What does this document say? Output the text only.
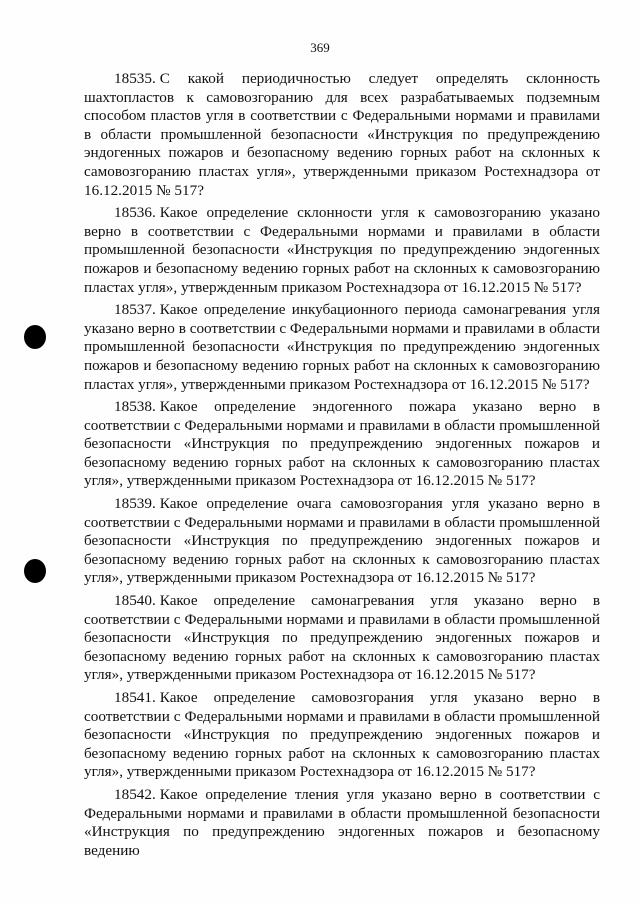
369

18535. С какой периодичностью следует определять склонность шахтопластов к самовозгоранию для всех разрабатываемых подземным способом пластов угля в соответствии с Федеральными нормами и правилами в области промышленной безопасности «Инструкция по предупреждению эндогенных пожаров и безопасному ведению горных работ на склонных к самовозгоранию пластах угля», утвержденными приказом Ростехнадзора от 16.12.2015 № 517?

18536. Какое определение склонности угля к самовозгоранию указано верно в соответствии с Федеральными нормами и правилами в области промышленной безопасности «Инструкция по предупреждению эндогенных пожаров и безопасному ведению горных работ на склонных к самовозгоранию пластах угля», утвержденным приказом Ростехнадзора от 16.12.2015 № 517?

18537. Какое определение инкубационного периода самонагревания угля указано верно в соответствии с Федеральными нормами и правилами в области промышленной безопасности «Инструкция по предупреждению эндогенных пожаров и безопасному ведению горных работ на склонных к самовозгоранию пластах угля», утвержденными приказом Ростехнадзора от 16.12.2015 № 517?

18538. Какое определение эндогенного пожара указано верно в соответствии с Федеральными нормами и правилами в области промышленной безопасности «Инструкция по предупреждению эндогенных пожаров и безопасному ведению горных работ на склонных к самовозгоранию пластах угля», утвержденными приказом Ростехнадзора от 16.12.2015 № 517?

18539. Какое определение очага самовозгорания угля указано верно в соответствии с Федеральными нормами и правилами в области промышленной безопасности «Инструкция по предупреждению эндогенных пожаров и безопасному ведению горных работ на склонных к самовозгоранию пластах угля», утвержденными приказом Ростехнадзора от 16.12.2015 № 517?

18540. Какое определение самонагревания угля указано верно в соответствии с Федеральными нормами и правилами в области промышленной безопасности «Инструкция по предупреждению эндогенных пожаров и безопасному ведению горных работ на склонных к самовозгоранию пластах угля», утвержденными приказом Ростехнадзора от 16.12.2015 № 517?

18541. Какое определение самовозгорания угля указано верно в соответствии с Федеральными нормами и правилами в области промышленной безопасности «Инструкция по предупреждению эндогенных пожаров и безопасному ведению горных работ на склонных к самовозгоранию пластах угля», утвержденными приказом Ростехнадзора от 16.12.2015 № 517?

18542. Какое определение тления угля указано верно в соответствии с Федеральными нормами и правилами в области промышленной безопасности «Инструкция по предупреждению эндогенных пожаров и безопасному ведению
